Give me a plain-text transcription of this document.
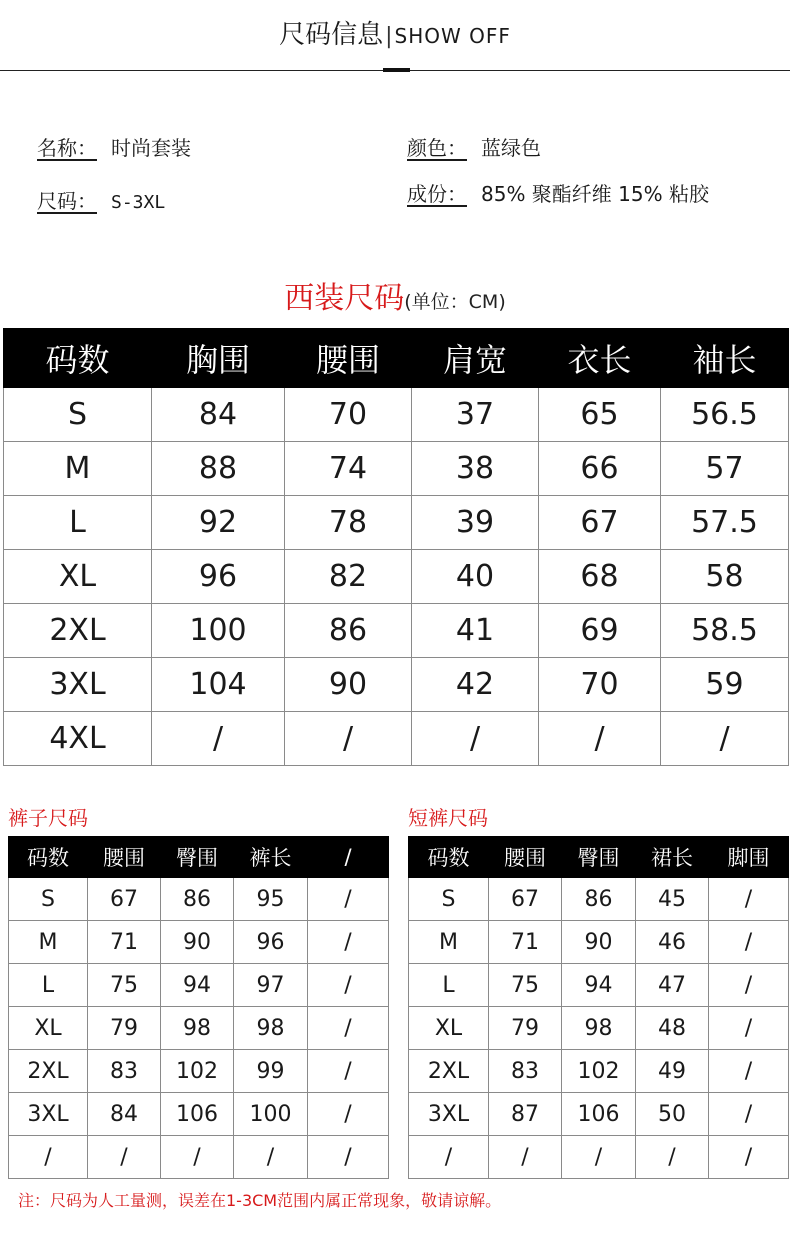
尺码信息| SHOW OFF
名称： 时尚套装
尺码： S-3XL
颜色： 蓝绿色
成份： 85% 聚酯纤维 15% 粘胶
西装尺码(单位：CM)
码数	胸围	腰围	肩宽	衣长	袖长
S	84	70	37	65	56.5
M	88	74	38	66	57
L	92	78	39	67	57.5
XL	96	82	40	68	58
2XL	100	86	41	69	58.5
3XL	104	90	42	70	59
4XL	/	/	/	/	/
裤子尺码
码数	腰围	臀围	裤长	/
S	67	86	95	/
M	71	90	96	/
L	75	94	97	/
XL	79	98	98	/
2XL	83	102	99	/
3XL	84	106	100	/
/	/	/	/	/
短裤尺码
码数	腰围	臀围	裙长	脚围
S	67	86	45	/
M	71	90	46	/
L	75	94	47	/
XL	79	98	48	/
2XL	83	102	49	/
3XL	87	106	50	/
/	/	/	/	/
注：尺码为人工量测，误差在1-3CM范围内属正常现象，敬请谅解。
